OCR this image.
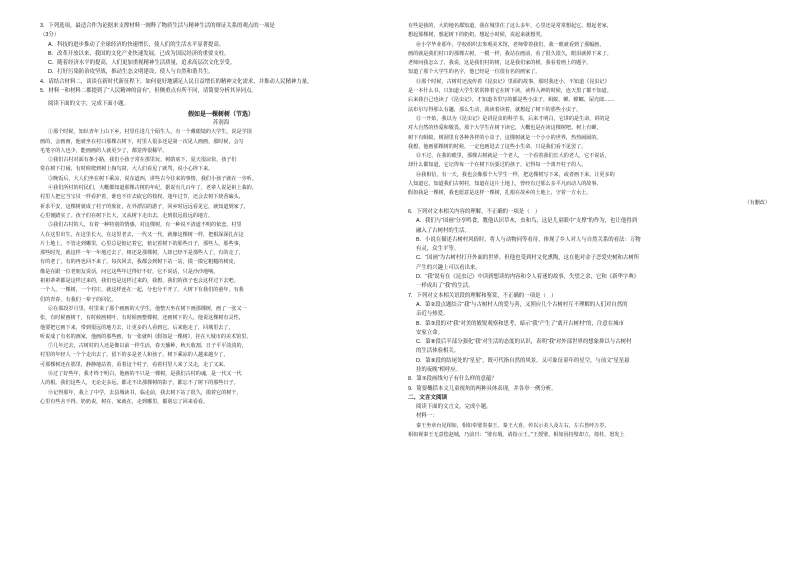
3．下列选项，最适合作为论据来支撑材料一阐释了物质生活与精神生活的辩证关系的观点的一项是

（3分）

A．科技的进步推动了全球经济的快速增长，使人们的生活水平显著提高。

B．改革开放以来，我国的文化产业快速发展，已成为国民经济的重要支柱。

C．随着经济水平的提高，人们更加重视精神生活质量，追求高层次文化享受。

D．打好污染防治攻坚战，推动生态文明建设，使人与自然和谐共生。

4．请结合材料二，谈谈在新时代新征程下，如何更好地满足人民日益增长的精神文化需求，并推动人民精神力量。

5．材料一和材料二都提到了“人民精神的富有”，但侧重点有所不同，请简要分析其异同点。

阅读下面的文字，完成下面小题。

假如是一棵树树（节选）

苏润海

①那个时候，知识青年上山下乡，村里住进几个陌生人，有一个戴眼镜的大学生，说是学国

画的，会画画，他就坐在村口那棵古树下，村里人很多还是第一次见人画画，那时候，会写

毛笔字的人也少，能画画的人就更少了，都觉得很稀罕。

②我们古村对面有条小路，我们小孩子常在那里玩，树荫底下，夏天很凉快，孩子们

常在树下打闹，有时候爬到树上掏鸟窝，大人们看见了就骂，说小心摔下来。

③晚饭后，大人们坐在树下乘凉，说东道西，讲些古今往来的事情，我们小孩子就在一旁听。

④我们所村的村民们，大概都知道那棵古树的年纪，据说有几百年了，老辈人说是祖上栽的。

村里人把它当宝贝一样看护着，谁也不许去砍它的枝杈，逢年过节，还会去树下烧香磕头，

祈求平安，这棵树就成了村子的象征，在外漂泊的游子，回乡时远远看见它，就知道到家了，

心里便踏实了。孩子们在树下长大，又从树下走出去，走到很远很远的地方。

⑤我们古村的人，有着一种特别的情感，对这棵树，有一种说不清道不明的依恋，村里

人在这里出生，在这里长大，在这里老去，一代又一代，就像这棵树一样，把根深深扎在这

片土地上。不管走到哪里，心里总是惦记着它，惦记着树下的那些日子，那些人，那些事，

那些时光，就这样一年一年地过去了，树还是那棵树，人却已经不是那些人了，有的走了，

有的老了，有的再也回不来了。每次回去，我都会到树下站一站，摸一摸它粗糙的树皮，

像是在跟一位老朋友说话，问它这些年过得好不好，它不说话，只是沙沙地响。

祖祖辈辈都是这样过来的，我们也是这样过来的，我想，我们的孩子也会这样过下去吧。

一个人，一棵树，一个村庄，就这样连在一起，分也分不开了。大树下有我们的童年，有我

们的青春，有我们一辈子的回忆。

⑥在那段岁月里，村里来了那个画画的大学生，他整天坐在树下画那棵树，画了一张又一

张，有时候画树干，有时候画树叶，有时候画整棵树，还画树下的人。他说这棵树有灵性，

他要把它画下来，带到很远的地方去，让更多的人看到它。后来他走了，回城里去了，

听说成了有名的画家，他画的那些画，有一张就叫《假如是一棵树》，挂在大城市的美术馆里。

⑦几年过去，古树村的人还是像以前一样生活，春天播种，秋天收割，日子平平淡淡的，

村里的年轻人一个个走出去了，留下的多是老人和孩子，树下乘凉的人越来越少了，

可那棵树还在那里，静静地站着，看着这个村子，看着村里人来了又走，走了又来。

⑧过了好些年，我才终于明白，他画的不只是一棵树，是我们古村的魂，是一代又一代

人的根。我们这些人，无论走多远，都走不出那棵树的影子，都忘不了树下的那些日子。

⑨记得那年，我上了中学，去县城读书，临走前，我去树下站了很久，摸着它的树干，

心里有些舍不得。奶奶说，树在，家就在，走到哪里，都别忘了回来看看。

有些是我的，大的地名都知道，我在城里住了这么多年，心里还是常常想起它，想起老家，

想起那棵树，想起树下的奶奶，想起小时候，说起来就想哭。

⑩小学毕业那年，学校组织去参观美术馆，老师带着我们，我一眼就看到了那幅画，

画的就是我们村口的那棵古树，一模一样，我站在画前，看了很久很久，眼泪就掉下来了。

老师问我怎么了，我说，这是我们村的树，这是我们家的树。我看着画上的题字，

知道了那个大学生的名字，他已经是一位很有名的画家了。

⑪那个时候，古树村还流传着《昆虫记》里面的故事，那时我还小，不知道《昆虫记》

是一本什么书，只知道大学生常常捧着它在树下读，读得入神的时候，连天黑了都不知道。

后来我自己也读了《昆虫记》，才知道书里写的都是些小虫子，蚂蚁、蝉、螳螂、屎壳郎……

法布尔写得那么有趣，那么生动，我读着读着，就想起了树下的那些小虫子。

⑫一开始，我以为《昆虫记》是讲昆虫的科学书，后来才明白，它讲的是生命，讲的是

对大自然的热爱和敬畏。那个大学生在树下读它，大概也是在读这棵树吧。树上有蝉，

树下有蚂蚁，树洞里有各种各样的小虫子，这棵树就是一个小小的世界，热热闹闹的。

我想，他画那棵树的时候，一定也画进去了这些小生命，只是我们看不见罢了。

⑬不过，在我的眼里，那棵古树就是一个老人，一个看着我们长大的老人，它不说话，

却什么都知道，它记得每一个在树下玩耍过的孩子，记得每一个离开村子的人。

⑭我相信，有一天，我也会像那个大学生一样，把这棵树写下来，或者画下来，让更多的

人知道它，知道我们古树村，知道在这片土地上，曾经有过那么多平凡而动人的故事。

假如我是一棵树，我也愿意是这样一棵树，扎根在故乡的土地上，守着一方水土。

（有删改）

6．下列对文本相关内容的理解，不正确的一项是（　）

A．我们与“国画”分享鸣食，教他认识草木，虫和鸟，这是儿童眼中“支撑”的作为，也让他得到

融入了古树村的生活。

B．小说在描述古树村风俗时，将人与动物同等看待，体现了乡人对人与自然关系的看法：万物

有灵，众生平等。

C．“国画”为古树村打开外面的世界，但他也受到村文化熏陶，这在他对金子恋爱史树和古树所

产生的兴趣上可以看出来。

D．“我”说有在《昆虫记》中读到想读的内容和令人着迷的故事，失望之余，它和《新华字典》

一样成出了“我”的生活。

7．下列对文本相关语段的理解和鉴赏，不正确的一项是（　）

A．第②段点题结合“我”与古树村人的爱与善，又照应几个古树村互不理解的人们对自然的

亲近与热爱。

B．第③段的对“我”对美的敏锐观察和思考，暗示“我”产生了“离开古树村”的，注意在城市

安家立命。

C．第⑧段后半部分强化“我”对生活的态度的认识，表明“我”对外部世界的想象抑以与古树村

的生活体验相关。

D．第⑨段的结尾处的“星星”，既可代指自然的风景，又可象征童年的星空，与前文“星星悬

挂的夜晚”相呼应。

8．第⑤段画线句子有什么样的意蕴？

9．简要概括本文儿童视角的两种具体表现，并各举一例分析。

二、文言文阅读

阅读下面的文言文，完成小题。

材料一：

秦王坐章台见相如，相如奉璧奏秦王。秦王大喜，传以示美人及左右，左右皆呼万岁。

相如视秦王无意偿赵城，乃前曰：“璧有瑕，请指示王。”王授璧，相如因持璧却立，倚柱，怒发上
